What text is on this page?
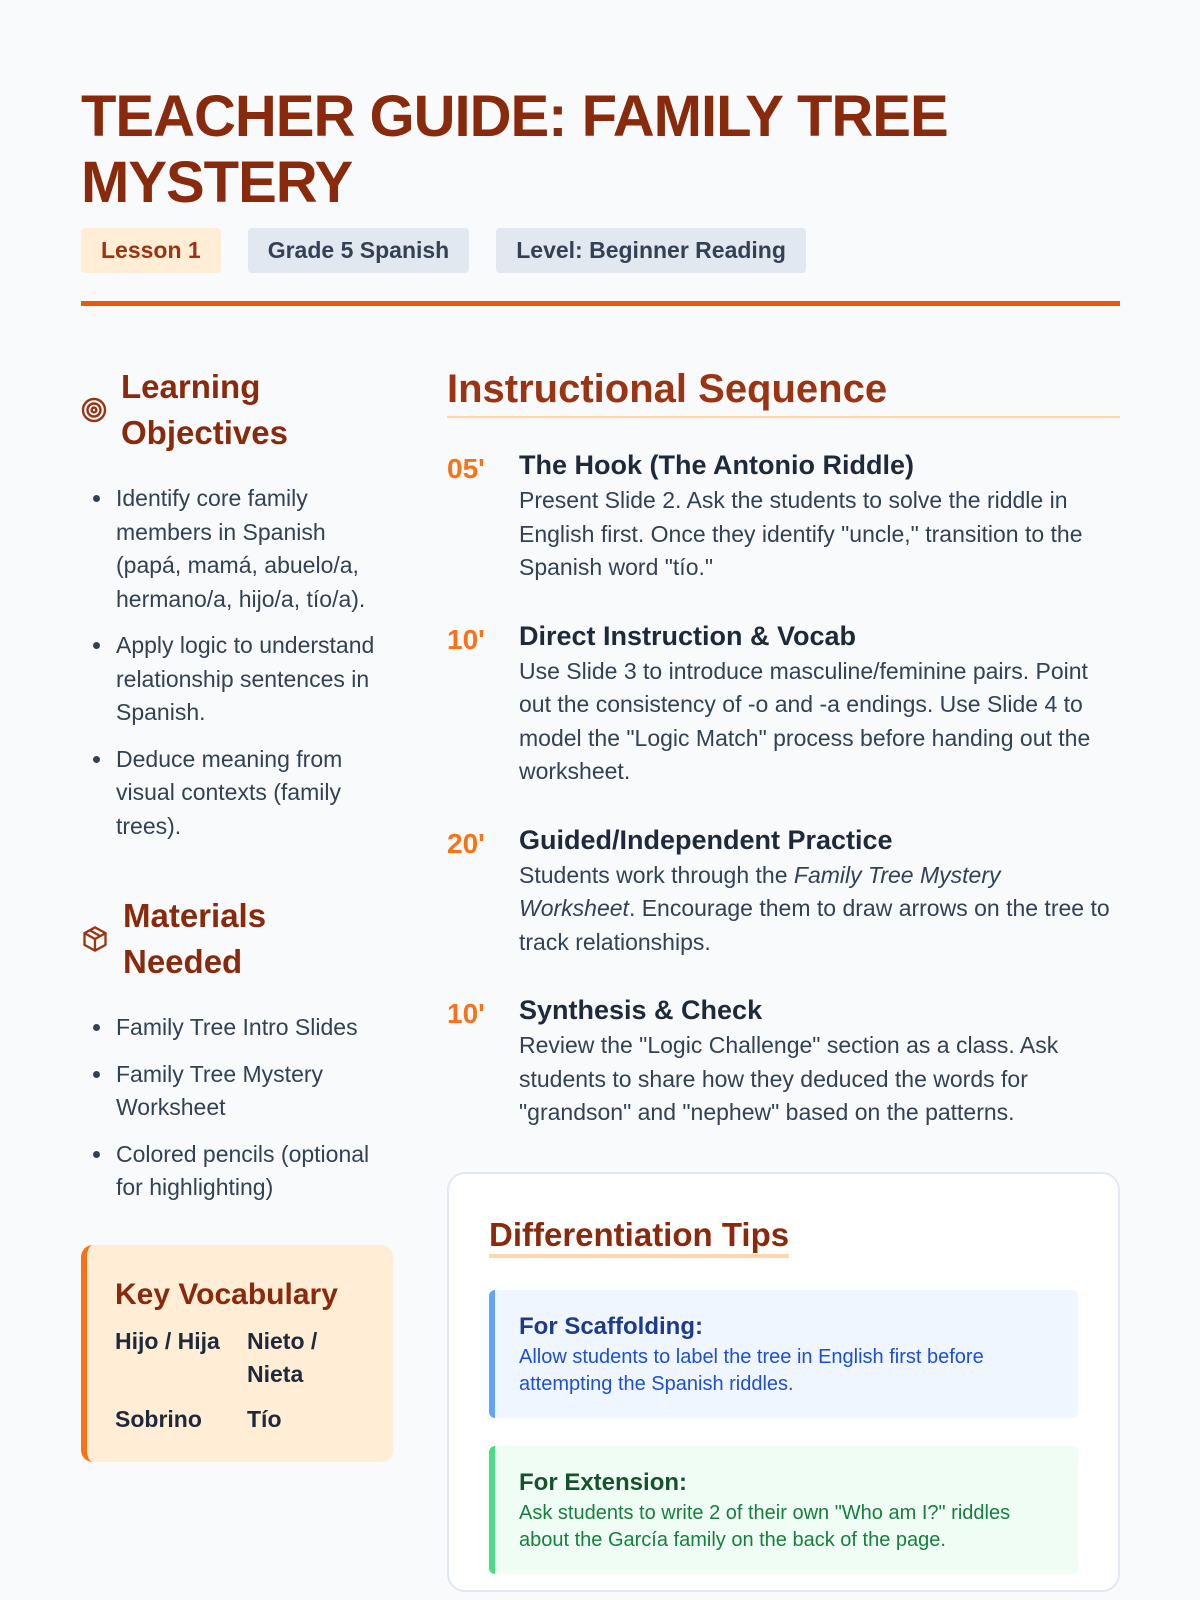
TEACHER GUIDE: FAMILY TREE MYSTERY
Lesson 1	Grade 5 Spanish	Level: Beginner Reading
Learning Objectives
• Identify core family members in Spanish (papá, mamá, abuelo/a, hermano/a, hijo/a, tío/a).
• Apply logic to understand relationship sentences in Spanish.
• Deduce meaning from visual contexts (family trees).
Materials Needed
• Family Tree Intro Slides
• Family Tree Mystery Worksheet
• Colored pencils (optional for highlighting)
Key Vocabulary
Hijo / Hija	Nieto / Nieta
Sobrino	Tío
Instructional Sequence
05'	The Hook (The Antonio Riddle)

Present Slide 2. Ask the students to solve the riddle in English first. Once they identify "uncle," transition to the Spanish word "tío."

10'	Direct Instruction & Vocab

Use Slide 3 to introduce masculine/feminine pairs. Point out the consistency of -o and -a endings. Use Slide 4 to model the "Logic Match" process before handing out the worksheet.

20'	Guided/Independent Practice

Students work through the Family Tree Mystery Worksheet. Encourage them to draw arrows on the tree to track relationships.

10'	Synthesis & Check

Review the "Logic Challenge" section as a class. Ask students to share how they deduced the words for "grandson" and "nephew" based on the patterns.

Differentiation Tips
For Scaffolding:

Allow students to label the tree in English first before attempting the Spanish riddles.

For Extension:

Ask students to write 2 of their own "Who am I?" riddles about the García family on the back of the page.
